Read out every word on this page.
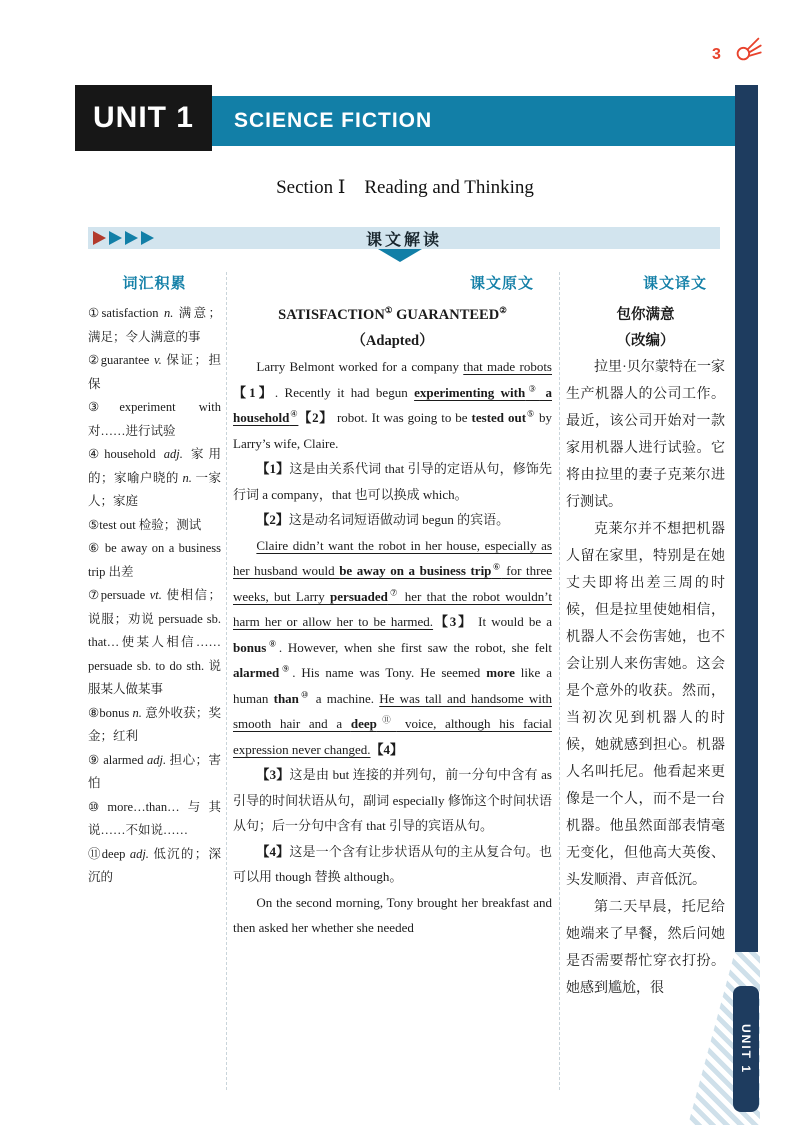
3
UNIT 1	SCIENCE FICTION
Section Ⅰ　Reading and Thinking
课文解读
词汇积累
①satisfaction n. 满意；满足；令人满意的事
②guarantee v. 保证；担保
③experiment with 对……进行试验
④household adj. 家用的；家喻户晓的 n. 一家人；家庭
⑤test out 检验；测试
⑥ be away on a business trip 出差
⑦persuade vt. 使相信；说服；劝说 persuade sb. that…使某人相信…… persuade sb. to do sth. 说服某人做某事
⑧bonus n. 意外收获；奖金；红利
⑨ alarmed adj. 担心；害怕
⑩more…than…与其说……不如说……
⑪deep adj. 低沉的；深沉的
课文原文
SATISFACTION① GUARANTEED②
（Adapted）

Larry Belmont worked for a company that made robots【1】. Recently it had begun experimenting with③ a household④【2】 robot. It was going to be tested out⑤ by Larry’s wife, Claire.

【1】这是由关系代词 that 引导的定语从句，修饰先行词 a company，that 也可以换成 which。

【2】这是动名词短语做动词 begun 的宾语。

Claire didn’t want the robot in her house, especially as her husband would be away on a business trip⑥ for three weeks, but Larry persuaded⑦ her that the robot wouldn’t harm her or allow her to be harmed.【3】 It would be a bonus⑧. However, when she first saw the robot, she felt alarmed⑨. His name was Tony. He seemed more like a human than⑩ a machine. He was tall and handsome with smooth hair and a deep⑪ voice, although his facial expression never changed.【4】

【3】这是由 but 连接的并列句，前一分句中含有 as 引导的时间状语从句，副词 especially 修饰这个时间状语从句；后一分句中含有 that 引导的宾语从句。

【4】这是一个含有让步状语从句的主从复合句。也可以用 though 替换 although。

On the second morning, Tony brought her breakfast and then asked her whether she needed

课文译文
包你满意
（改编）

拉里·贝尔蒙特在一家生产机器人的公司工作。最近，该公司开始对一款家用机器人进行试验。它将由拉里的妻子克莱尔进行测试。

克莱尔并不想把机器人留在家里，特别是在她丈夫即将出差三周的时候，但是拉里使她相信，机器人不会伤害她，也不会让别人来伤害她。这会是个意外的收获。然而，当初次见到机器人的时候，她就感到担心。机器人名叫托尼。他看起来更像是一个人，而不是一台机器。他虽然面部表情毫无变化，但他高大英俊、头发顺滑、声音低沉。

第二天早晨，托尼给她端来了早餐，然后问她是否需要帮忙穿衣打扮。她感到尴尬，很

UNIT 1
